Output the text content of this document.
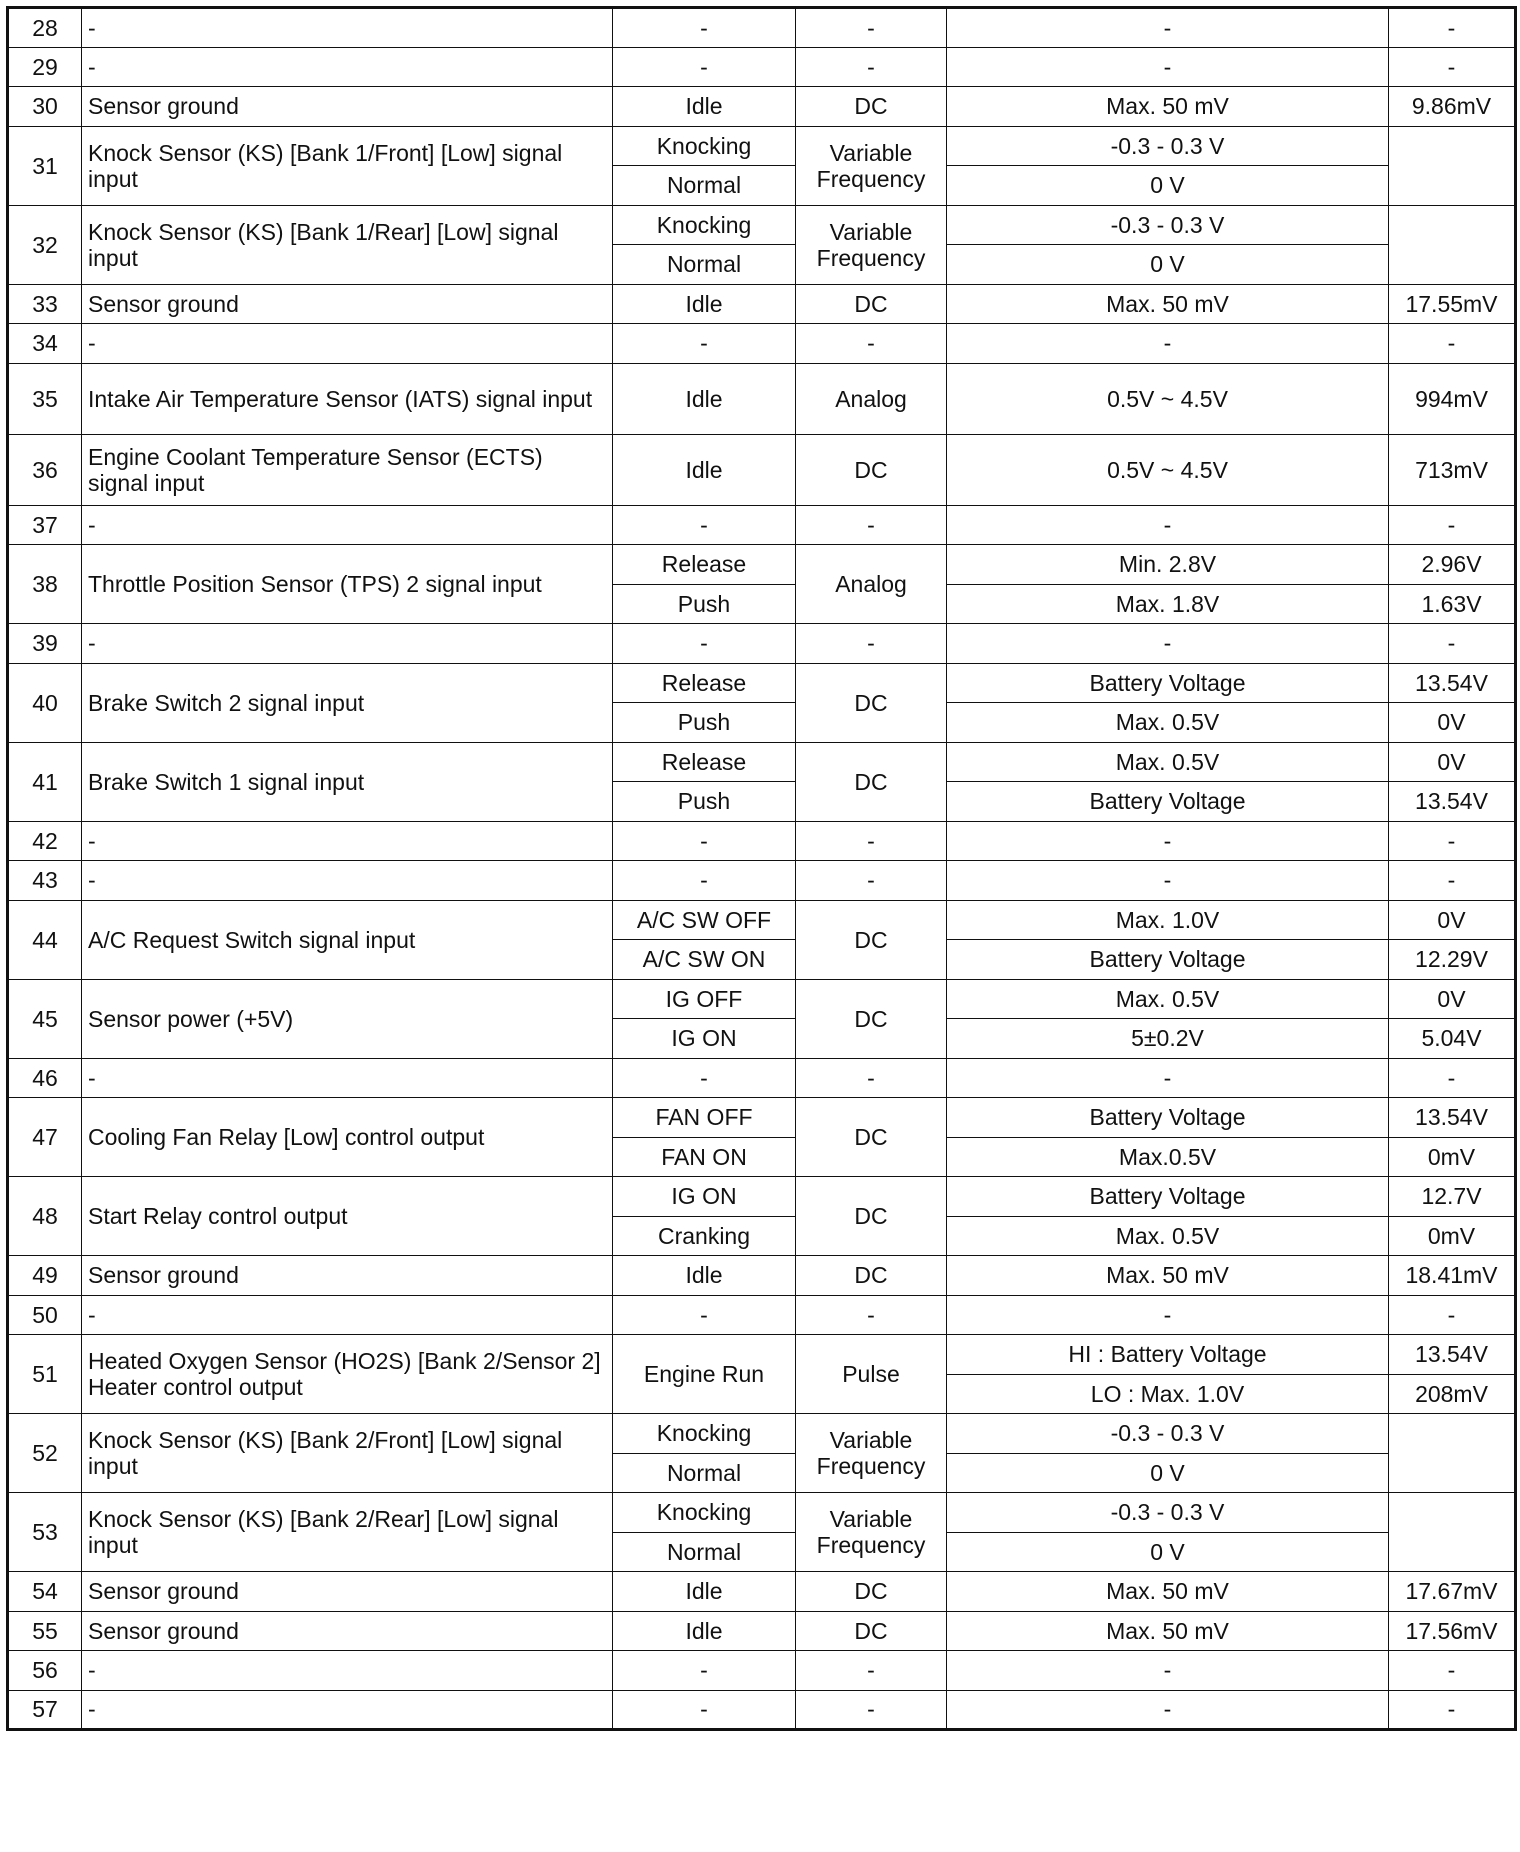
28	-	-	-	-	-
29	-	-	-	-	-
30	Sensor ground	Idle	DC	Max. 50 mV	9.86mV
31	Knock Sensor (KS) [Bank 1/Front] [Low] signal input	Knocking	Variable Frequency	-0.3 - 0.3 V	
		Normal		0 V	
32	Knock Sensor (KS) [Bank 1/Rear] [Low] signal input	Knocking	Variable Frequency	-0.3 - 0.3 V	
		Normal		0 V	
33	Sensor ground	Idle	DC	Max. 50 mV	17.55mV
34	-	-	-	-	-
35	Intake Air Temperature Sensor (IATS) signal input	Idle	Analog	0.5V ~ 4.5V	994mV
36	Engine Coolant Temperature Sensor (ECTS) signal input	Idle	DC	0.5V ~ 4.5V	713mV
37	-	-	-	-	-
38	Throttle Position Sensor (TPS) 2 signal input	Release	Analog	Min. 2.8V	2.96V
		Push		Max. 1.8V	1.63V
39	-	-	-	-	-
40	Brake Switch 2 signal input	Release	DC	Battery Voltage	13.54V
		Push		Max. 0.5V	0V
41	Brake Switch 1 signal input	Release	DC	Max. 0.5V	0V
		Push		Battery Voltage	13.54V
42	-	-	-	-	-
43	-	-	-	-	-
44	A/C Request Switch signal input	A/C SW OFF	DC	Max. 1.0V	0V
		A/C SW ON		Battery Voltage	12.29V
45	Sensor power (+5V)	IG OFF	DC	Max. 0.5V	0V
		IG ON		5±0.2V	5.04V
46	-	-	-	-	-
47	Cooling Fan Relay [Low] control output	FAN OFF	DC	Battery Voltage	13.54V
		FAN ON		Max.0.5V	0mV
48	Start Relay control output	IG ON	DC	Battery Voltage	12.7V
		Cranking		Max. 0.5V	0mV
49	Sensor ground	Idle	DC	Max. 50 mV	18.41mV
50	-	-	-	-	-
51	Heated Oxygen Sensor (HO2S) [Bank 2/Sensor 2] Heater control output	Engine Run	Pulse	HI : Battery Voltage	13.54V
				LO : Max. 1.0V	208mV
52	Knock Sensor (KS) [Bank 2/Front] [Low] signal input	Knocking	Variable Frequency	-0.3 - 0.3 V	
		Normal		0 V	
53	Knock Sensor (KS) [Bank 2/Rear] [Low] signal input	Knocking	Variable Frequency	-0.3 - 0.3 V	
		Normal		0 V	
54	Sensor ground	Idle	DC	Max. 50 mV	17.67mV
55	Sensor ground	Idle	DC	Max. 50 mV	17.56mV
56	-	-	-	-	-
57	-	-	-	-	-
